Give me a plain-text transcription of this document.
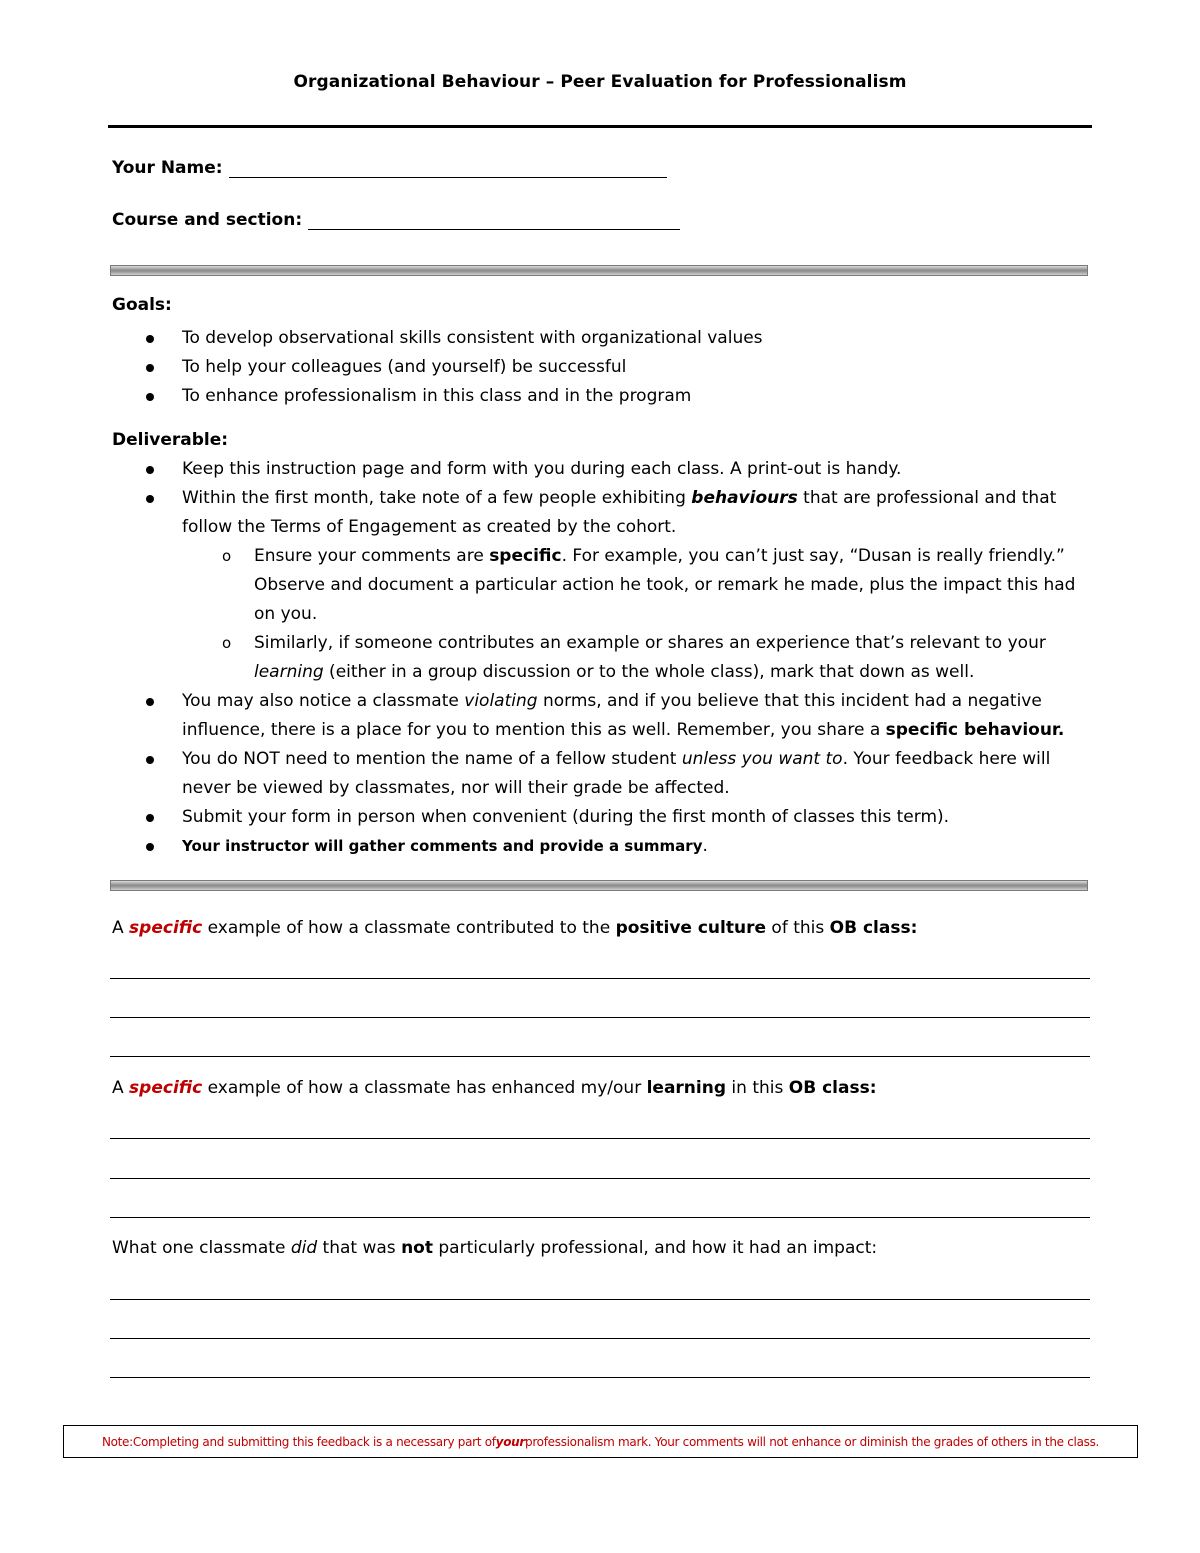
Organizational Behaviour – Peer Evaluation for Professionalism
Your Name:
Course and section:
Goals:
To develop observational skills consistent with organizational values
To help your colleagues (and yourself) be successful
To enhance professionalism in this class and in the program
Deliverable:
Keep this instruction page and form with you during each class. A print-out is handy.
Within the first month, take note of a few people exhibiting behaviours that are professional and that follow the Terms of Engagement as created by the cohort.
o Ensure your comments are specific. For example, you can’t just say, “Dusan is really friendly.” Observe and document a particular action he took, or remark he made, plus the impact this had on you.
o Similarly, if someone contributes an example or shares an experience that’s relevant to your learning (either in a group discussion or to the whole class), mark that down as well.
You may also notice a classmate violating norms, and if you believe that this incident had a negative influence, there is a place for you to mention this as well. Remember, you share a specific behaviour.
You do NOT need to mention the name of a fellow student unless you want to. Your feedback here will never be viewed by classmates, nor will their grade be affected.
Submit your form in person when convenient (during the first month of classes this term).
Your instructor will gather comments and provide a summary.
A specific example of how a classmate contributed to the positive culture of this OB class:
A specific example of how a classmate has enhanced my/our learning in this OB class:
What one classmate did that was not particularly professional, and how it had an impact:
Note:Completing and submitting this feedback is a necessary part of your professionalism mark. Your comments will not enhance or diminish the grades of others in the class.
